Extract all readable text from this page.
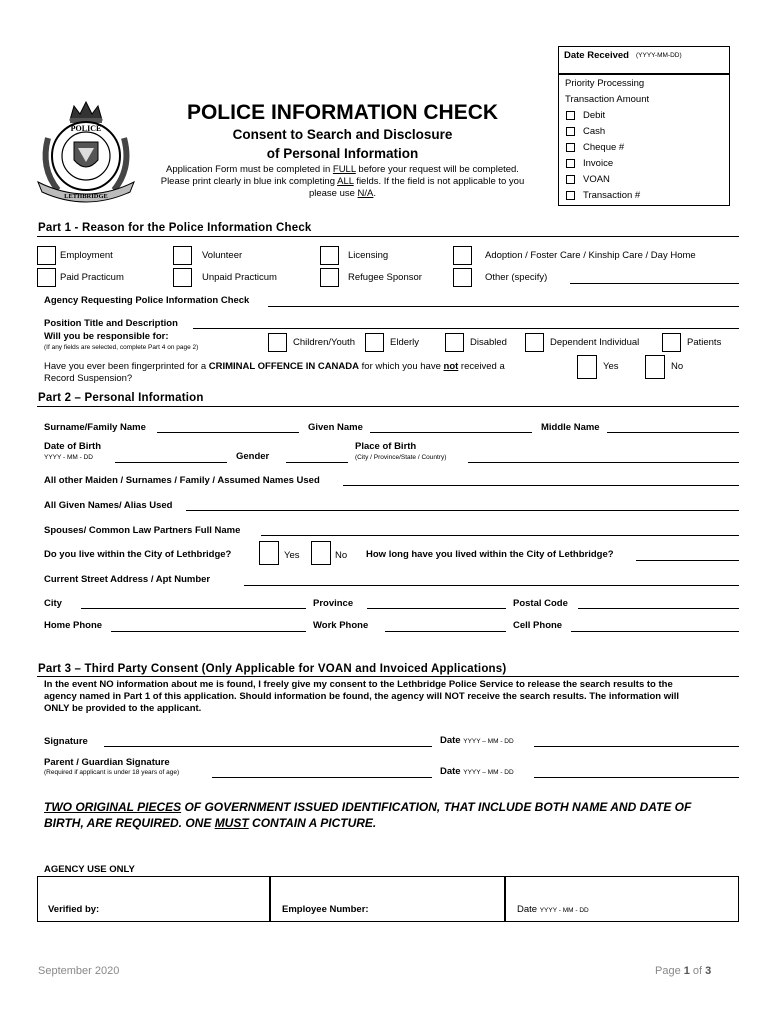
POLICE
LETHBRIDGE
POLICE INFORMATION CHECK
Consent to Search and Disclosure
of Personal Information
Application Form must be completed in FULL before your request will be completed.
Please print clearly in blue ink completing ALL fields. If the field is not applicable to you
please use N/A.
Date Received (YYYY-MM-DD)
Priority Processing
Transaction Amount
Debit
Cash
Cheque #
Invoice
VOAN
Transaction #
Part 1 - Reason for the Police Information Check
Agency Requesting Police Information Check
Position Title and Description
Will you be responsible for:
(If any fields are selected, complete Part 4 on page 2)
Have you ever been fingerprinted for a CRIMINAL OFFENCE IN CANADA for which you have not received a
Record Suspension?
Yes	No
Part 2 – Personal Information
Surname/Family Name	Given Name	Middle Name
Date of Birth
YYYY - MM - DD	Gender
Place of Birth
(City / Province/State / Country)
All other Maiden / Surnames / Family / Assumed Names Used
All Given Names/ Alias Used
Spouses/ Common Law Partners Full Name
Do you live within the City of Lethbridge?	Yes	No How long have you lived within the City of Lethbridge?
Current Street Address / Apt Number
City	Province	Postal Code
Home Phone	Work Phone	Cell Phone
Part 3 – Third Party Consent (Only Applicable for VOAN and Invoiced Applications)
In the event NO information about me is found, I freely give my consent to the Lethbridge Police Service to release the search results to the
agency named in Part 1 of this application. Should information be found, the agency will NOT receive the search results. The information will
ONLY be provided to the applicant.
Signature	Date YYYY – MM - DD
Parent / Guardian Signature
(Required if applicant is under 18 years of age)	Date YYYY – MM - DD
TWO ORIGINAL PIECES OF GOVERNMENT ISSUED IDENTIFICATION, THAT INCLUDE BOTH NAME AND DATE OF
BIRTH, ARE REQUIRED. ONE MUST CONTAIN A PICTURE.
AGENCY USE ONLY
Verified by:	Employee Number:	Date YYYY - MM - DD
September 2020	Page 1 of 3
Employment	Volunteer	Licensing	Adoption / Foster Care / Kinship Care / Day Home
Paid Practicum	Unpaid Practicum	Refugee Sponsor	Other (specify)
Children/Youth	Elderly	Disabled	Dependent Individual	Patients
